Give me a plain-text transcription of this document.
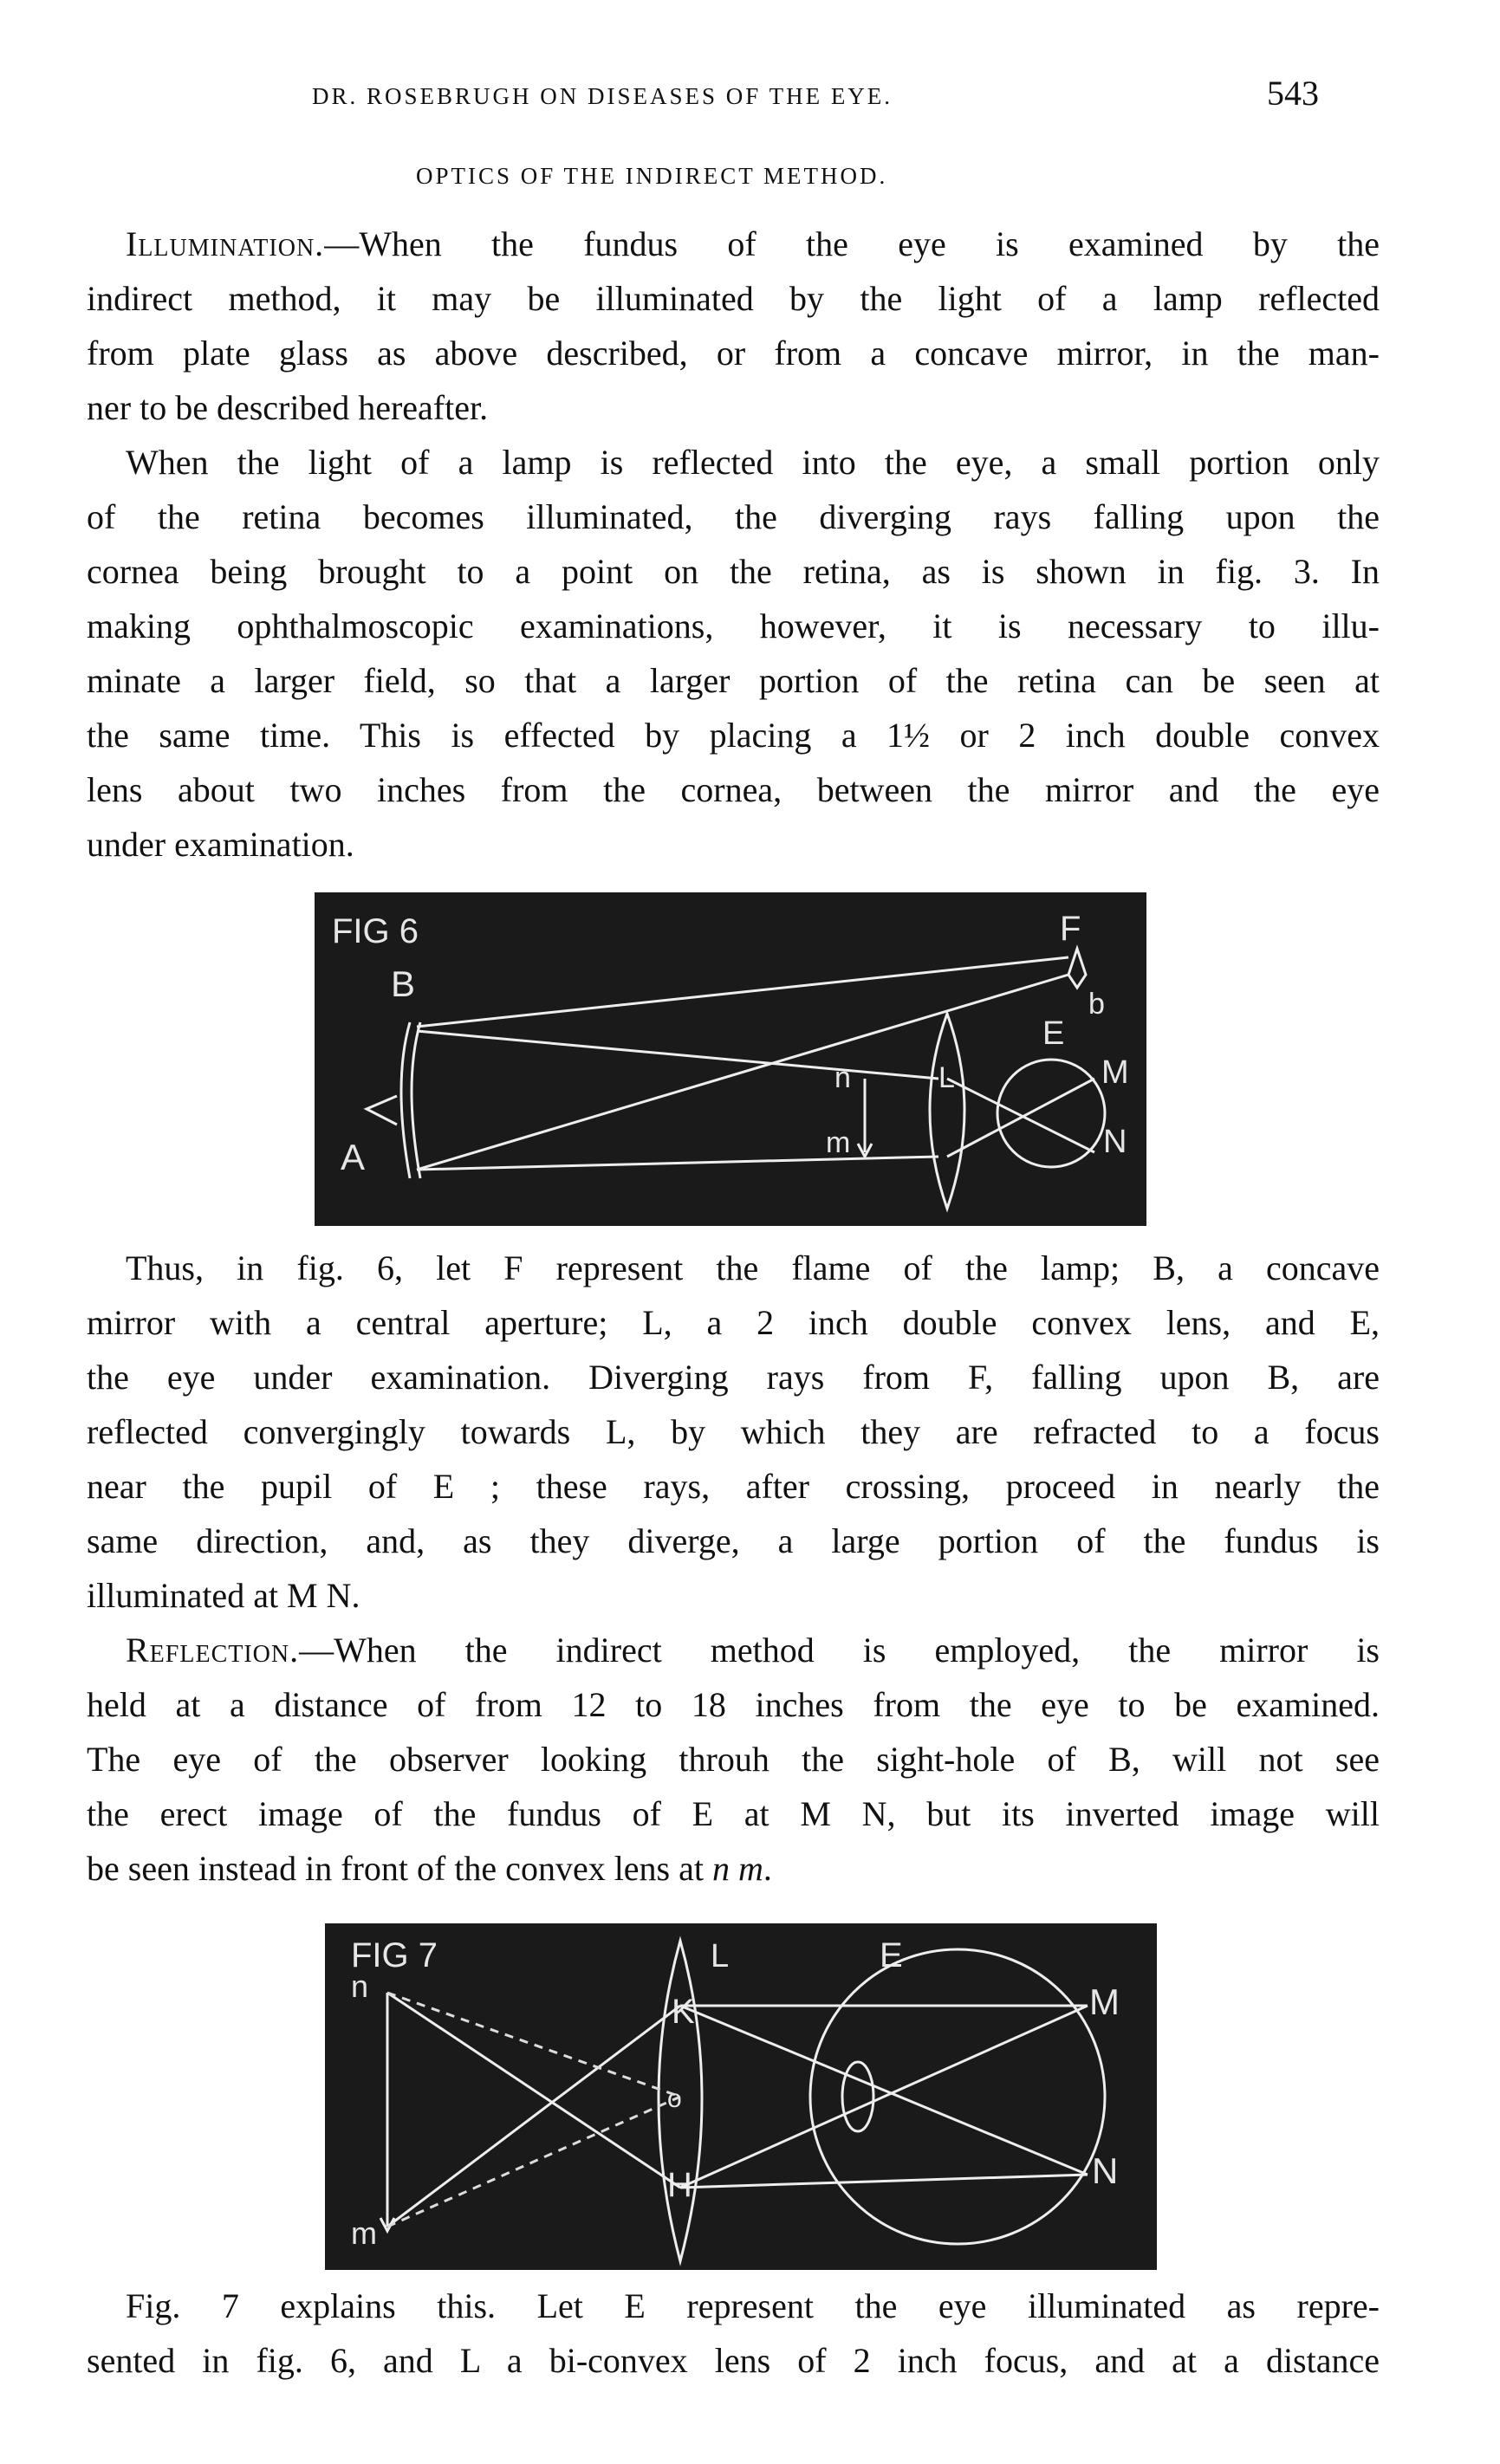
DR. ROSEBRUGH ON DISEASES OF THE EYE.	543
OPTICS OF THE INDIRECT METHOD.
Illumination.—When the fundus of the eye is examined by the
indirect method, it may be illuminated by the light of a lamp reflected
from plate glass as above described, or from a concave mirror, in the man-
ner to be described hereafter.
When the light of a lamp is reflected into the eye, a small portion only
of the retina becomes illuminated, the diverging rays falling upon the
cornea being brought to a point on the retina, as is shown in fig. 3. In
making ophthalmoscopic examinations, however, it is necessary to illu-
minate a larger field, so that a larger portion of the retina can be seen at
the same time. This is effected by placing a 1½ or 2 inch double convex
lens about two inches from the cornea, between the mirror and the eye
under examination.
FIG 6
B
F
b
E
M
N
A
L
n
m
Thus, in fig. 6, let F represent the flame of the lamp; B, a concave
mirror with a central aperture; L, a 2 inch double convex lens, and E,
the eye under examination. Diverging rays from F, falling upon B, are
reflected convergingly towards L, by which they are refracted to a focus
near the pupil of E ; these rays, after crossing, proceed in nearly the
same direction, and, as they diverge, a large portion of the fundus is
illuminated at M N.
Reflection.—When the indirect method is employed, the mirror is
held at a distance of from 12 to 18 inches from the eye to be examined.
The eye of the observer looking throuh the sight-hole of B, will not see
the erect image of the fundus of E at M N, but its inverted image will
be seen instead in front of the convex lens at n m.
FIG 7
n
m
L
K
o
H
E
M
N
Fig. 7 explains this. Let E represent the eye illuminated as repre-
sented in fig. 6, and L a bi-convex lens of 2 inch focus, and at a distance
